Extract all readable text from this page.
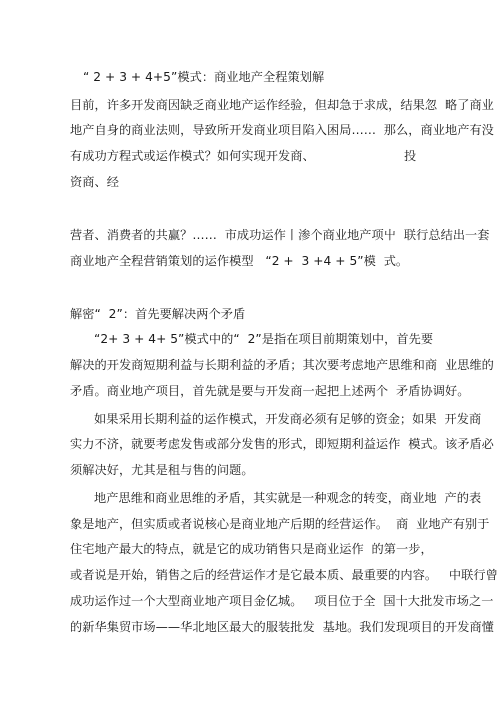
“ 2 + 3 + 4+5”模式：商业地产全程策划解
目前，许多开发商因缺乏商业地产运作经验，但却急于求成，结果忽  略了商业
地产自身的商业法则，导致所开发商业项目陷入困局……  那么，商业地产有没
有成功方程式或运作模式？如何实现开发商、	投
资商、经
营者、消费者的共赢？……  市成功运作丨渗个商业地产项屮  联行总结出一套
商业地产全程营销策划的运作模型   “2 +  3 +4 + 5”模  式。
解密“  2”：首先要解决两个矛盾
“2+ 3 + 4+ 5”模式中的“  2”是指在项目前期策划中，首先要
解决的开发商短期利益与长期利益的矛盾；其次要考虑地产思维和商  业思维的
矛盾。商业地产项目，首先就是要与开发商一起把上述两个  矛盾协调好。
如果采用长期利益的运作模式，开发商必须有足够的资金；如果  开发商
实力不济，就要考虑发售或部分发售的形式，即短期利益运作  模式。该矛盾必
须解决好，尤其是租与售的问题。
地产思维和商业思维的矛盾，其实就是一种观念的转变，商业地  产的表
象是地产，但实质或者说核心是商业地产后期的经营运作。  商  业地产有别于
住宅地产最大的特点，就是它的成功销售只是商业运作  的第一步，
或者说是开始，销售之后的经营运作才是它最本质、最重要的内容。   中联行曾
成功运作过一个大型商业地产项目金亿城。   项目位于全  国十大批发市场之一
的新华集贸市场——华北地区最大的服装批发  基地。我们发现项目的开发商懂
